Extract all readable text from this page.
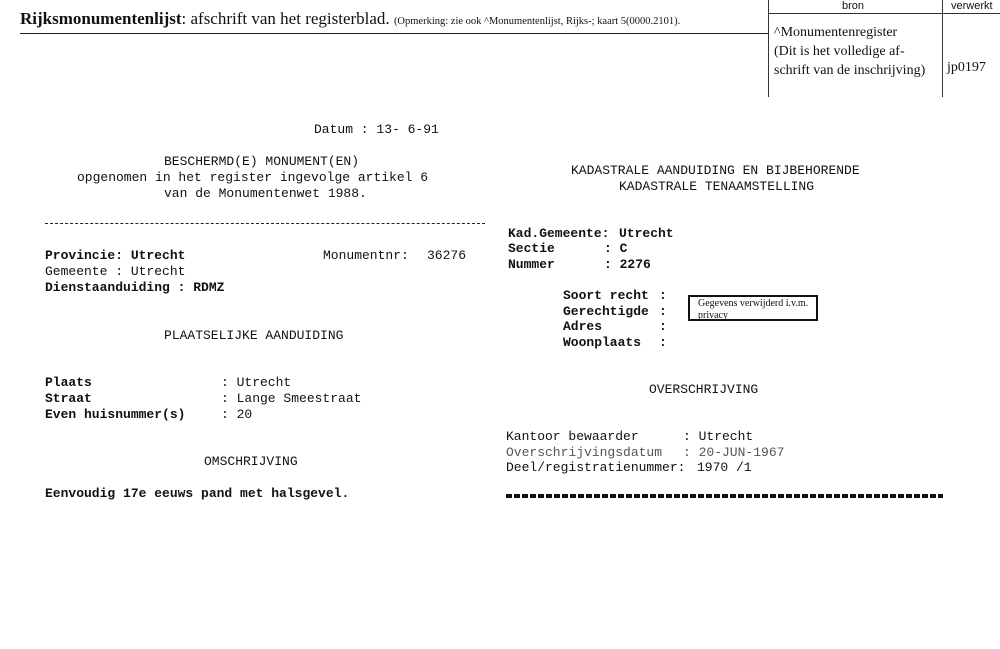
Rijksmonumentenlijst: afschrift van het registerblad. (Opmerking: zie ook ^Monumentenlijst, Rijks-; kaart 5(0000.2101).
bron	verwerkt
^Monumentenregister
(Dit is het volledige af-
schrift van de inschrijving) jp0197
Datum : 13- 6-91
BESCHERMD(E) MONUMENT(EN)
opgenomen in het register ingevolge artikel 6
van de Monumentenwet 1988.
Provincie: Utrecht	Monumentnr: 36276
Gemeente : Utrecht
Dienstaanduiding : RDMZ
PLAATSELIJKE AANDUIDING
Plaats	: Utrecht
Straat	: Lange Smeestraat
Even huisnummer(s)	: 20
OMSCHRIJVING
Eenvoudig 17e eeuws pand met halsgevel.
KADASTRALE AANDUIDING EN BIJBEHORENDE
KADASTRALE TENAAMSTELLING
Kad.Gemeente: Utrecht
Sectie	: C
Nummer	: 2276
Soort recht :
Gerechtigde :
Adres	:
Woonplaats :
Gegevens verwijderd i.v.m. privacy
OVERSCHRIJVING
Kantoor bewaarder	: Utrecht
Overschrijvingsdatum : 20-JUN-1967
Deel/registratienummer: 1970 /1
